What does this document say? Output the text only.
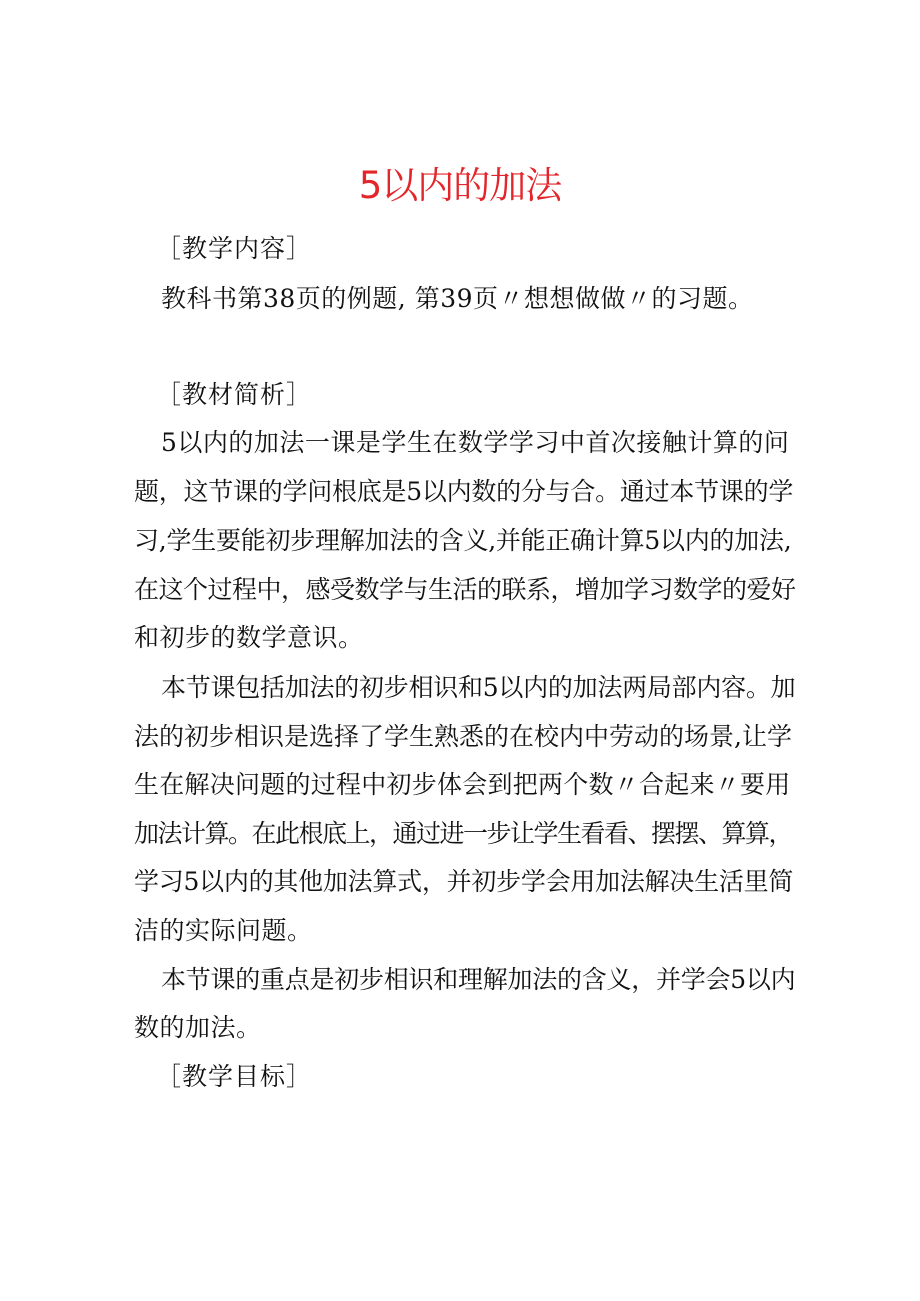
5以内的加法
［教学内容］
教科书第38页的例题, 第39页〃想想做做〃的习题。
［教材简析］
5以内的加法一课是学生在数学学习中首次接触计算的问
题，这节课的学问根底是5以内数的分与合。通过本节课的学
习,学生要能初步理解加法的含义,并能正确计算5以内的加法,
在这个过程中，感受数学与生活的联系，增加学习数学的爱好
和初步的数学意识。
本节课包括加法的初步相识和5以内的加法两局部内容。加
法的初步相识是选择了学生熟悉的在校内中劳动的场景,让学
生在解决问题的过程中初步体会到把两个数〃合起来〃要用
加法计算。在此根底上，通过进一步让学生看看、摆摆、算算，
学习5以内的其他加法算式，并初步学会用加法解决生活里简
洁的实际问题。
本节课的重点是初步相识和理解加法的含义，并学会5以内
数的加法。
［教学目标］
